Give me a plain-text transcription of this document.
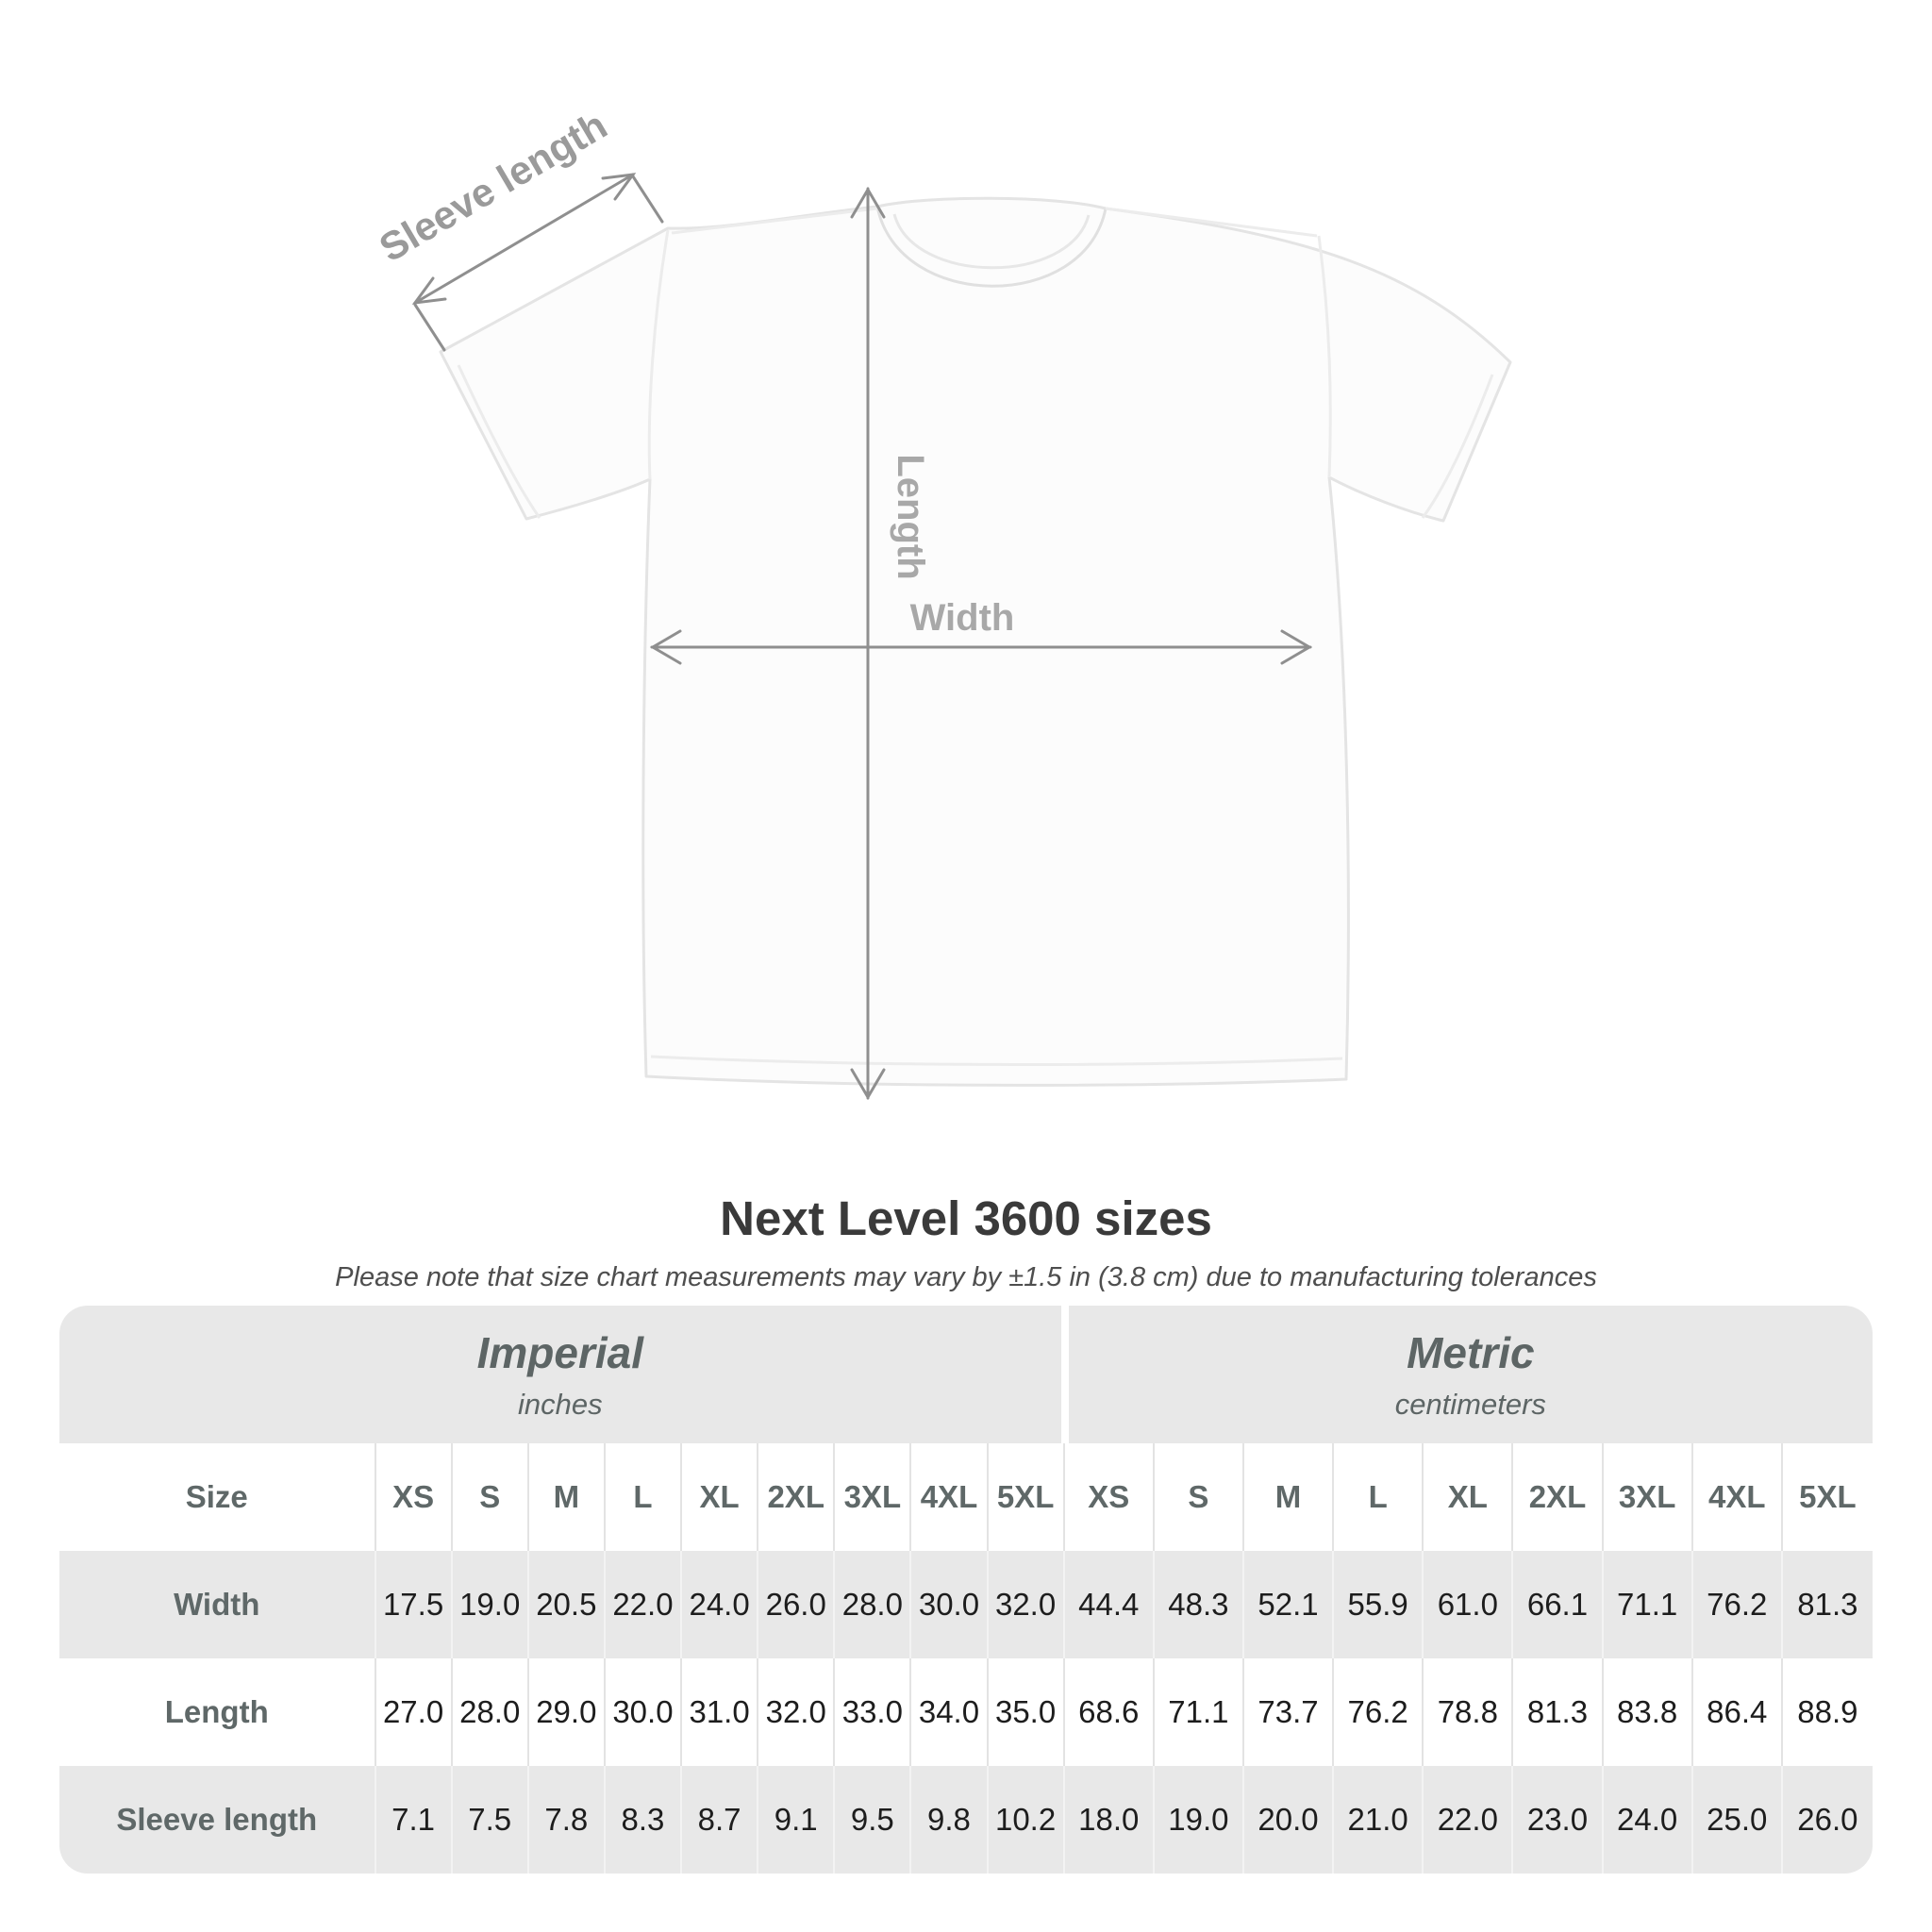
Sleeve length
Length
Width
Next Level 3600 sizes
Please note that size chart measurements may vary by ±1.5 in (3.8 cm) due to manufacturing tolerances
Imperial
inches
Metric
centimeters
Size	XS	S	M	L	XL 2XL 3XL 4XL 5XL	XS	S	M	L	XL	2XL	3XL	4XL	5XL
Width	17.5 19.0 20.5 22.0 24.0 26.0 28.0 30.0 32.0 44.4 48.3 52.1 55.9 61.0 66.1 71.1 76.2 81.3
Length	27.0 28.0 29.0 30.0 31.0 32.0 33.0 34.0 35.0 68.6 71.1 73.7 76.2 78.8 81.3 83.8 86.4 88.9
Sleeve length	7.1	7.5	7.8	8.3	8.7	9.1	9.5	9.8 10.2 18.0 19.0 20.0 21.0 22.0 23.0 24.0 25.0 26.0
